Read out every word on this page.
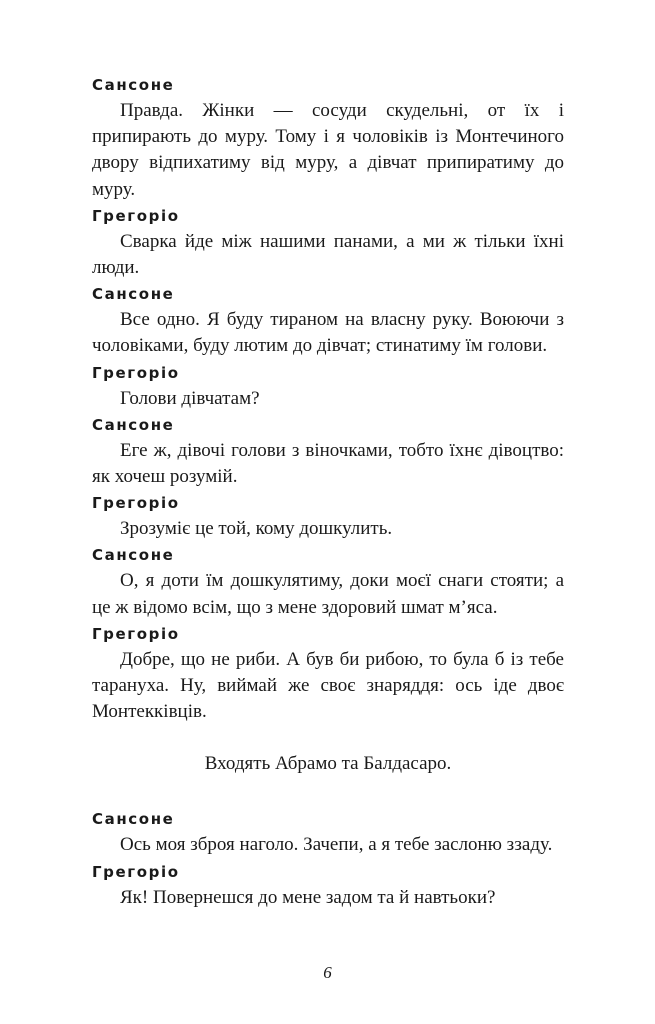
Сансоне

Правда. Жінки — сосуди скудельні, от їх і припирають до муру. Тому і я чоловіків із Монтечиного двору відпихатиму від муру, а дівчат припиратиму до муру.

Грегоріо

Сварка йде між нашими панами, а ми ж тільки їхні люди.

Сансоне

Все одно. Я буду тираном на власну руку. Воюючи з чоловіками, буду лютим до дівчат; стинатиму їм голови.

Грегоріо

Голови дівчатам?

Сансоне

Еге ж, дівочі голови з віночками, тобто їхнє дівоцтво: як хочеш розумій.

Грегоріо

Зрозуміє це той, кому дошкулить.

Сансоне

О, я доти їм дошкулятиму, доки моєї снаги стояти; а це ж відомо всім, що з мене здоровий шмат м’яса.

Грегоріо

Добре, що не риби. А був би рибою, то була б із тебе тарануха. Ну, виймай же своє знаряддя: ось іде двоє Монтекківців.

Входять Абрамо та Балдасаро.
Сансоне

Ось моя зброя наголо. Зачепи, а я тебе заслоню ззаду.

Грегоріо

Як! Повернешся до мене задом та й навтьоки?

6
